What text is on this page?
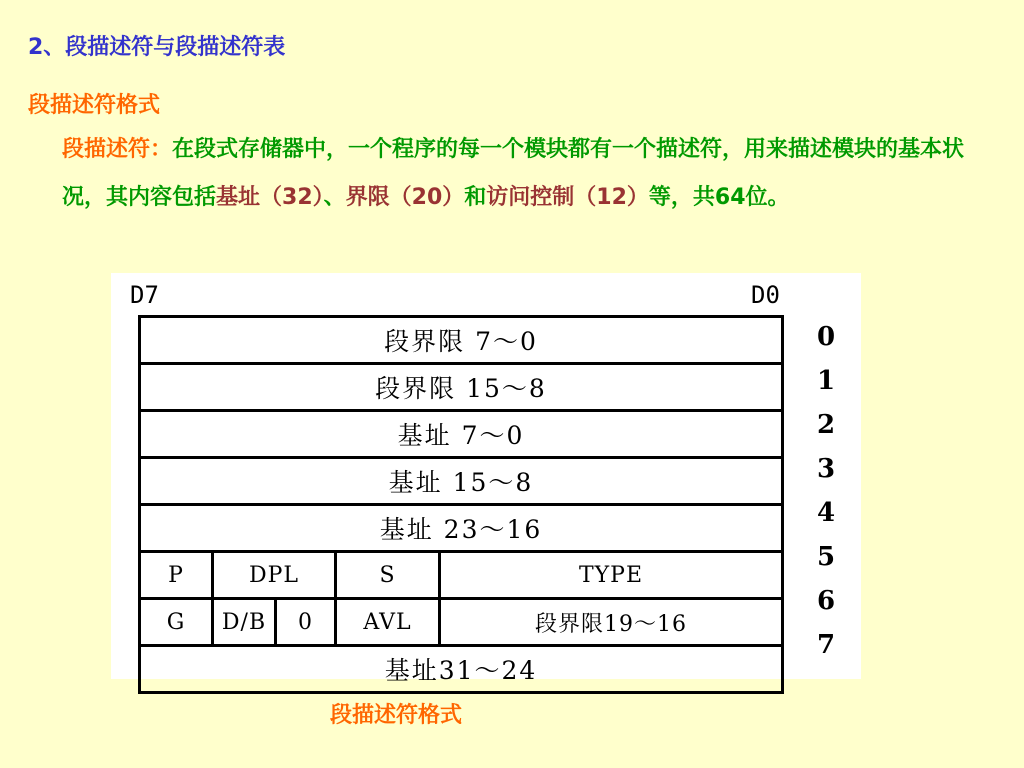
2、段描述符与段描述符表
段描述符格式

段描述符：在段式存储器中，一个程序的每一个模块都有一个描述符，用来描述模块的基本状况，其内容包括基址（32）、界限（20）和访问控制（12）等，共64位。

D7	D0
段界限 7～0				
段界限 15～8				
基址 7～0				
基址 15～8				
基址 23～16				
P	DPL		S	TYPE
G	D/B	0	AVL	段界限19～16
基址31～24				
0
1
2
3
4
5
6
7
段描述符格式
